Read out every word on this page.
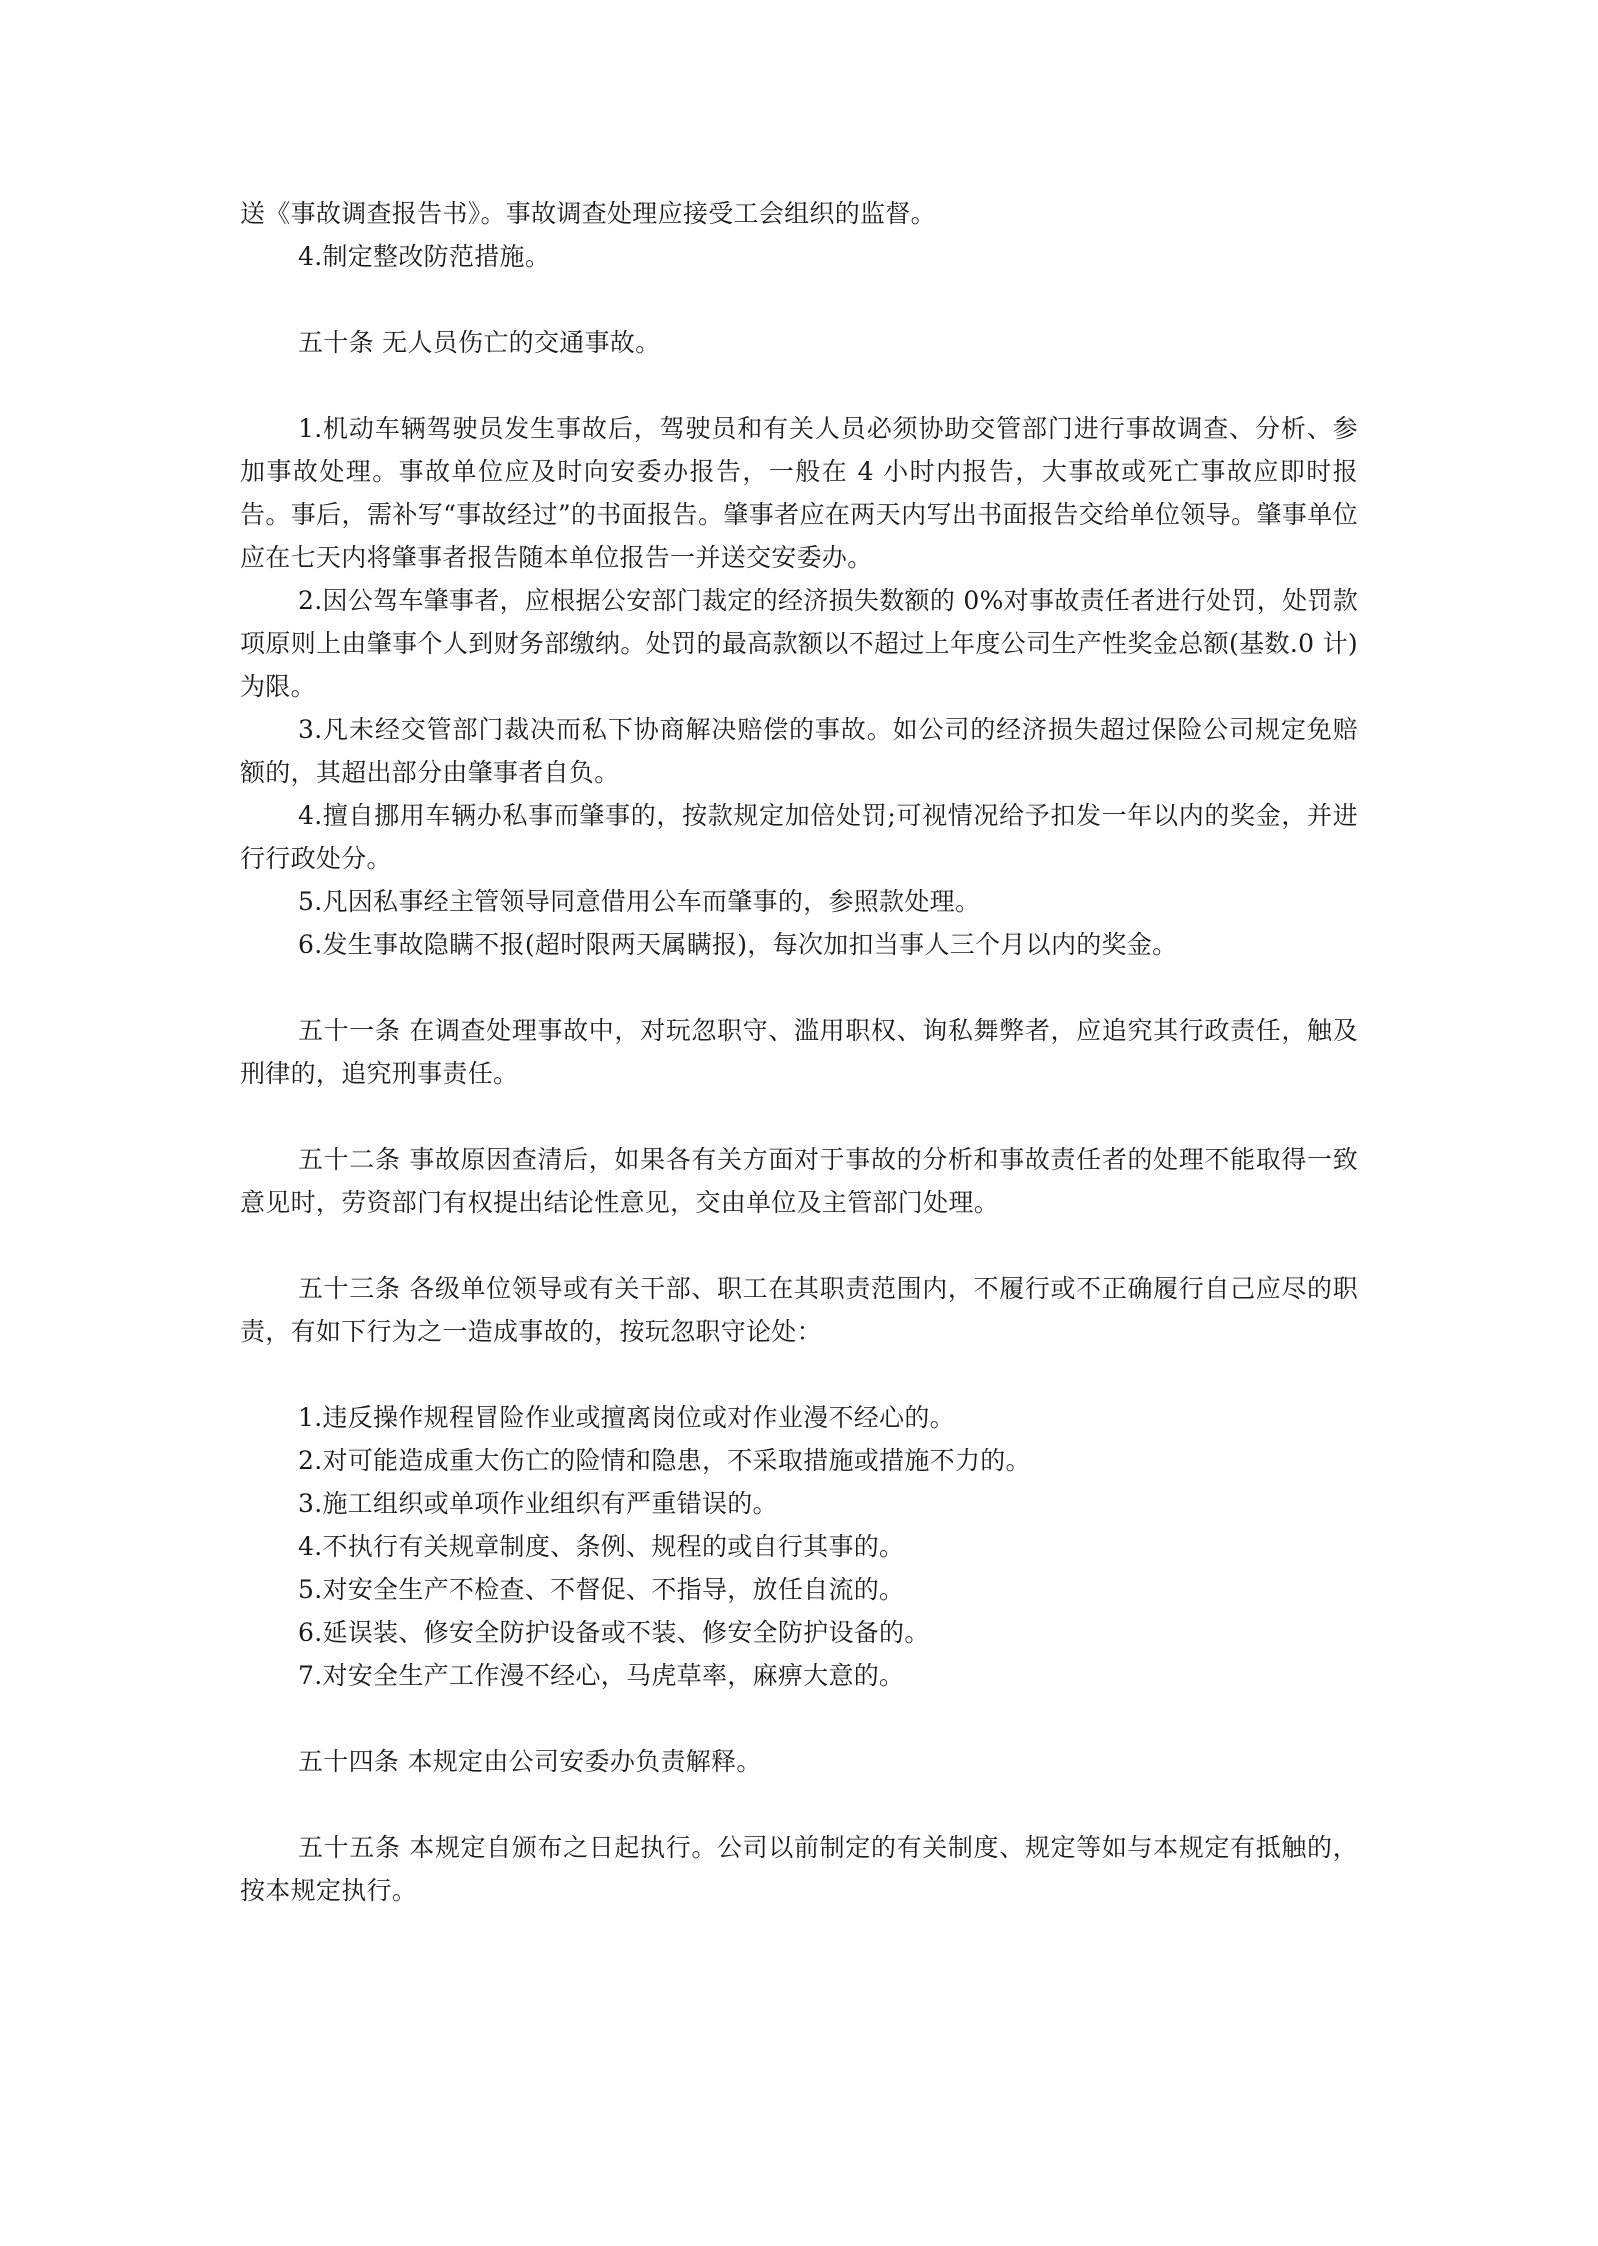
送《事故调查报告书》。事故调查处理应接受工会组织的监督。

4.制定整改防范措施。

五十条 无人员伤亡的交通事故。

1.机动车辆驾驶员发生事故后，驾驶员和有关人员必须协助交管部门进行事故调查、分析、参加事故处理。事故单位应及时向安委办报告，一般在 4 小时内报告，大事故或死亡事故应即时报告。事后，需补写“事故经过”的书面报告。肇事者应在两天内写出书面报告交给单位领导。肇事单位应在七天内将肇事者报告随本单位报告一并送交安委办。

2.因公驾车肇事者，应根据公安部门裁定的经济损失数额的 0%对事故责任者进行处罚，处罚款项原则上由肇事个人到财务部缴纳。处罚的最高款额以不超过上年度公司生产性奖金总额(基数.0 计)为限。

3.凡未经交管部门裁决而私下协商解决赔偿的事故。如公司的经济损失超过保险公司规定免赔额的，其超出部分由肇事者自负。

4.擅自挪用车辆办私事而肇事的，按款规定加倍处罚;可视情况给予扣发一年以内的奖金，并进行行政处分。

5.凡因私事经主管领导同意借用公车而肇事的，参照款处理。

6.发生事故隐瞒不报(超时限两天属瞒报)，每次加扣当事人三个月以内的奖金。

五十一条 在调查处理事故中，对玩忽职守、滥用职权、询私舞弊者，应追究其行政责任，触及刑律的，追究刑事责任。

五十二条 事故原因查清后，如果各有关方面对于事故的分析和事故责任者的处理不能取得一致意见时，劳资部门有权提出结论性意见，交由单位及主管部门处理。

五十三条 各级单位领导或有关干部、职工在其职责范围内，不履行或不正确履行自己应尽的职责，有如下行为之一造成事故的，按玩忽职守论处：

1.违反操作规程冒险作业或擅离岗位或对作业漫不经心的。

2.对可能造成重大伤亡的险情和隐患，不采取措施或措施不力的。

3.施工组织或单项作业组织有严重错误的。

4.不执行有关规章制度、条例、规程的或自行其事的。

5.对安全生产不检查、不督促、不指导，放任自流的。

6.延误装、修安全防护设备或不装、修安全防护设备的。

7.对安全生产工作漫不经心，马虎草率，麻痹大意的。

五十四条 本规定由公司安委办负责解释。

五十五条 本规定自颁布之日起执行。公司以前制定的有关制度、规定等如与本规定有抵触的，按本规定执行。
